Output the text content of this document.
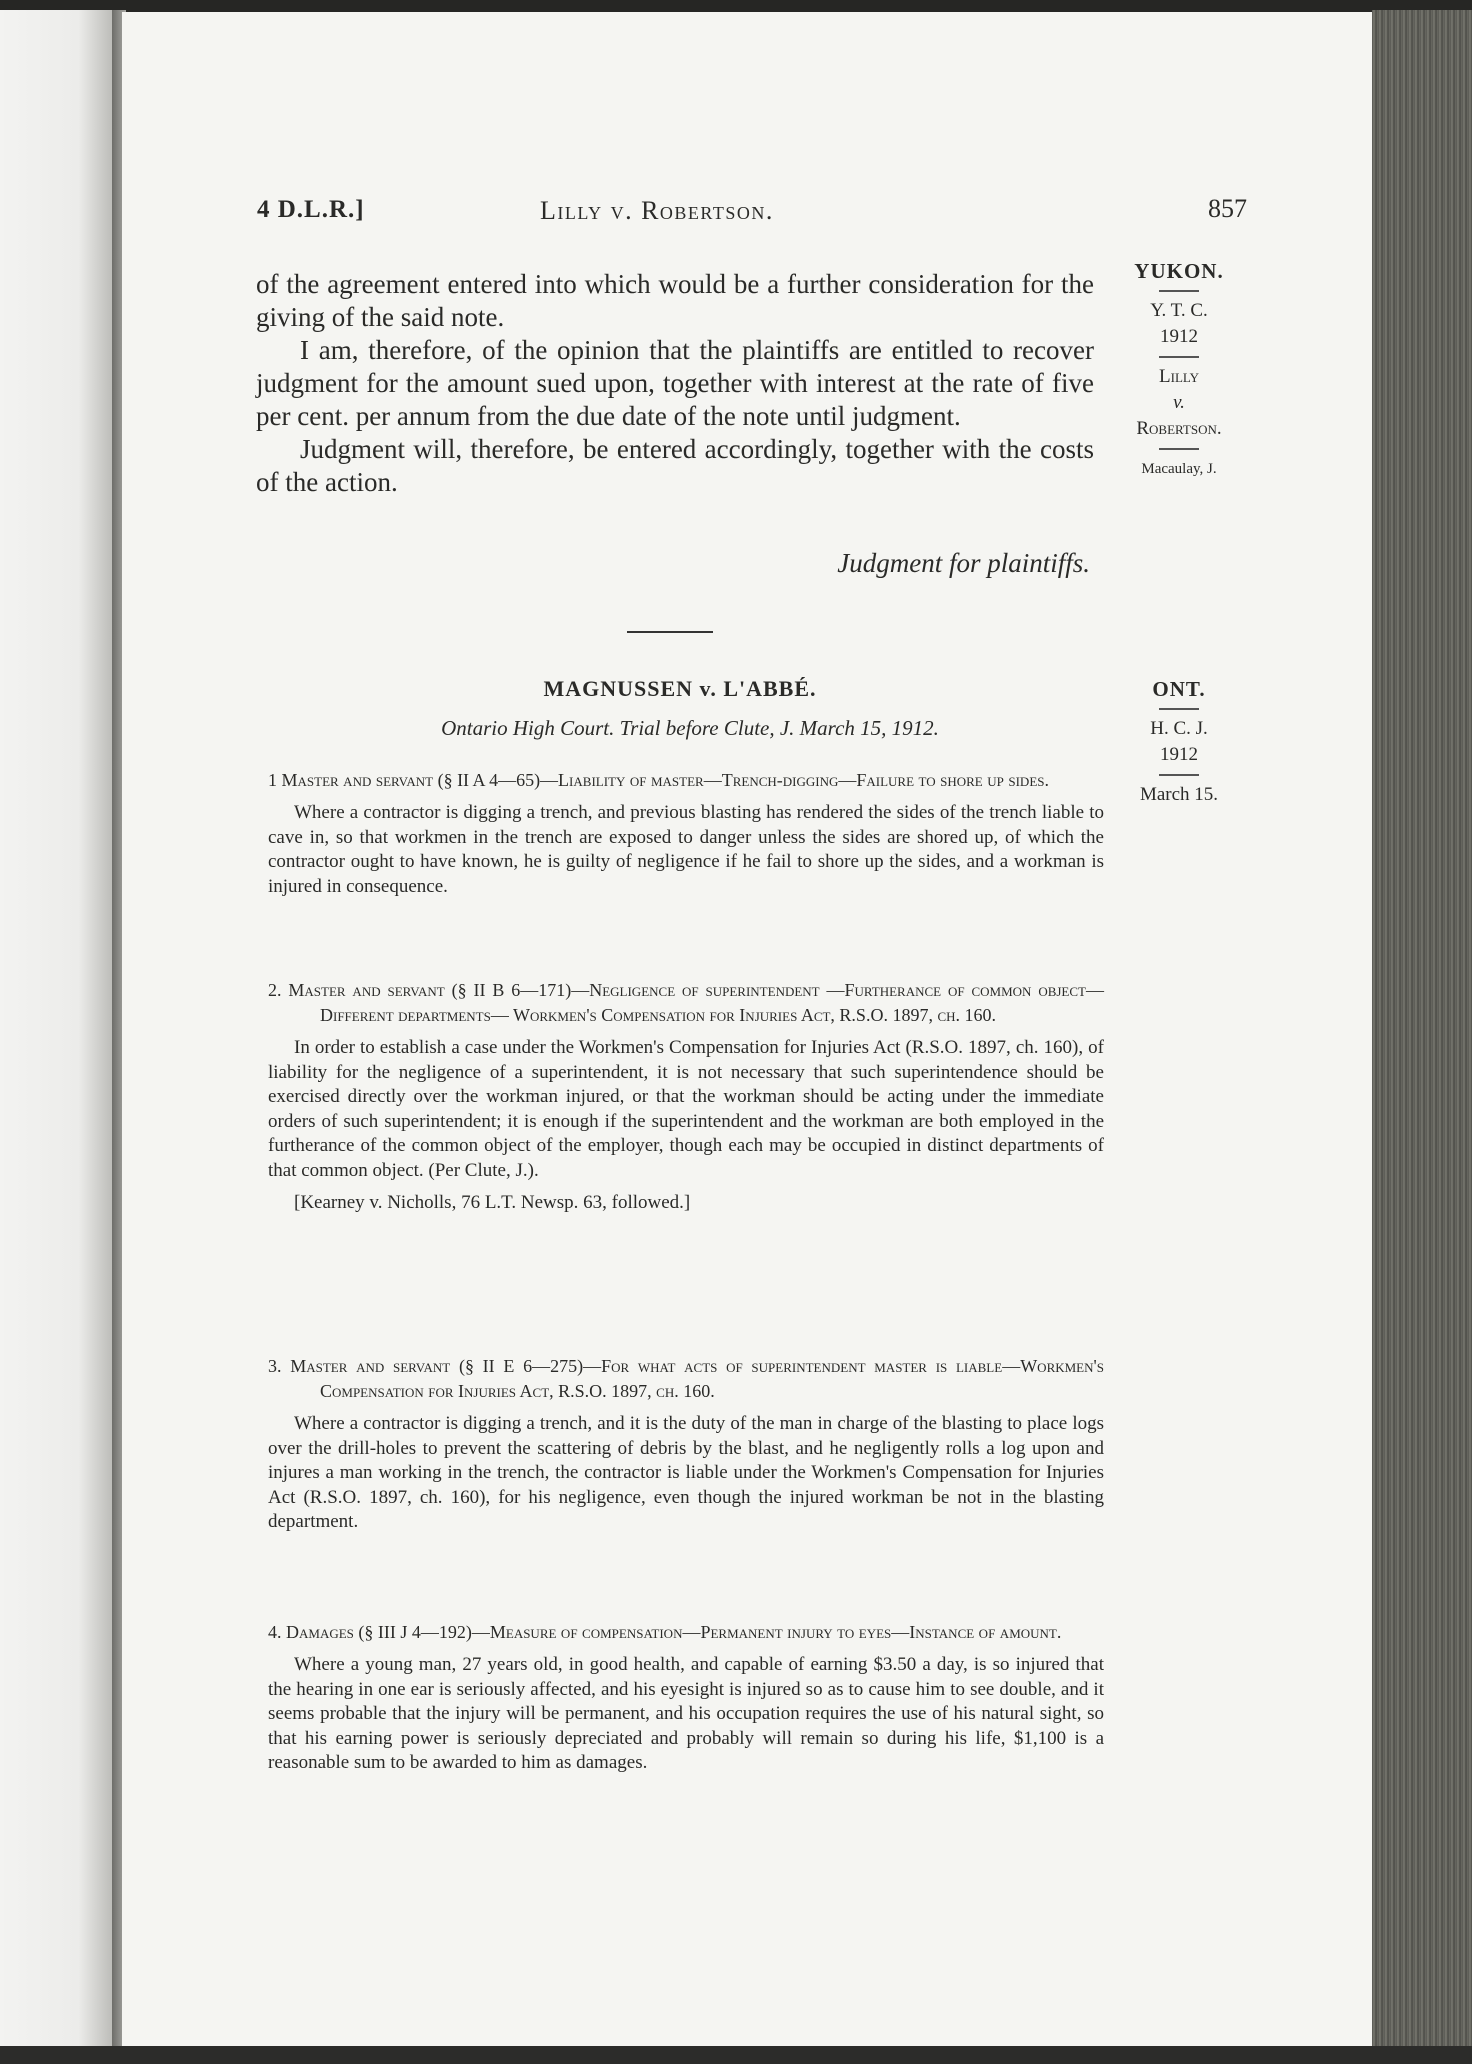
4 D.L.R.]	Lilly v. Robertson.	857
YUKON.
Y. T. C.
1912
Lilly
v.
Robertson.
Macaulay, J.

of the agreement entered into which would be a further consideration for the giving of the said note.

I am, therefore, of the opinion that the plaintiffs are entitled to recover judgment for the amount sued upon, together with interest at the rate of five per cent. per annum from the due date of the note until judgment.

Judgment will, therefore, be entered accordingly, together with the costs of the action.

Judgment for plaintiffs.
MAGNUSSEN v. L'ABBÉ.
Ontario High Court. Trial before Clute, J. March 15, 1912.
ONT.
H. C. J.
1912
March 15.
1 Master and servant (§ II A 4—65)—Liability of master—Trench-digging—Failure to shore up sides.

Where a contractor is digging a trench, and previous blasting has rendered the sides of the trench liable to cave in, so that workmen in the trench are exposed to danger unless the sides are shored up, of which the contractor ought to have known, he is guilty of negligence if he fail to shore up the sides, and a workman is injured in consequence.

2. Master and servant (§ II B 6—171)—Negligence of superintendent —Furtherance of common object—Different departments— Workmen's Compensation for Injuries Act, R.S.O. 1897, ch. 160.

In order to establish a case under the Workmen's Compensation for Injuries Act (R.S.O. 1897, ch. 160), of liability for the negligence of a superintendent, it is not necessary that such superintendence should be exercised directly over the workman injured, or that the workman should be acting under the immediate orders of such superintendent; it is enough if the superintendent and the workman are both employed in the furtherance of the common object of the employer, though each may be occupied in distinct departments of that common object. (Per Clute, J.).

[Kearney v. Nicholls, 76 L.T. Newsp. 63, followed.]

3. Master and servant (§ II E 6—275)—For what acts of superintendent master is liable—Workmen's Compensation for Injuries Act, R.S.O. 1897, ch. 160.

Where a contractor is digging a trench, and it is the duty of the man in charge of the blasting to place logs over the drill-holes to prevent the scattering of debris by the blast, and he negligently rolls a log upon and injures a man working in the trench, the contractor is liable under the Workmen's Compensation for Injuries Act (R.S.O. 1897, ch. 160), for his negligence, even though the injured workman be not in the blasting department.

4. Damages (§ III J 4—192)—Measure of compensation—Permanent injury to eyes—Instance of amount.

Where a young man, 27 years old, in good health, and capable of earning $3.50 a day, is so injured that the hearing in one ear is seriously affected, and his eyesight is injured so as to cause him to see double, and it seems probable that the injury will be permanent, and his occupation requires the use of his natural sight, so that his earning power is seriously depreciated and probably will remain so during his life, $1,100 is a reasonable sum to be awarded to him as damages.
